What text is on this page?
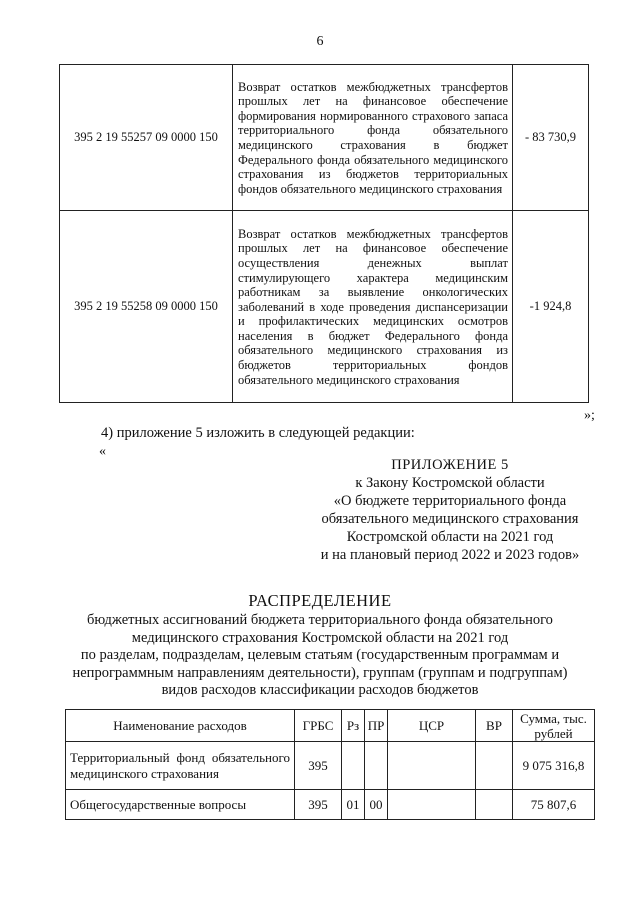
6
395 2 19 55257 09 0000 150	Возврат остатков межбюджетных трансфертов прошлых лет на финансовое обеспечение формирования нормированного страхового запаса территориального фонда обязательного медицинского страхования в бюджет Федерального фонда обязательного медицинского страхования из бюджетов территориальных фондов обязательного медицинского страхования	- 83 730,9
395 2 19 55258 09 0000 150	Возврат остатков межбюджетных трансфертов прошлых лет на финансовое обеспечение осуществления денежных выплат стимулирующего характера медицинским работникам за выявление онкологических заболеваний в ходе проведения диспансеризации и профилактических медицинских осмотров населения в бюджет Федерального фонда обязательного медицинского страхования из бюджетов территориальных фондов обязательного медицинского страхования	-1 924,8
»;
4) приложение 5 изложить в следующей редакции:
«
ПРИЛОЖЕНИЕ 5
к Закону Костромской области
«О бюджете территориального фонда
обязательного медицинского страхования
Костромской области на 2021 год
и на плановый период 2022 и 2023 годов»
РАСПРЕДЕЛЕНИЕ
бюджетных ассигнований бюджета территориального фонда обязательного
медицинского страхования Костромской области на 2021 год
по разделам, подразделам, целевым статьям (государственным программам и
непрограммным направлениям деятельности), группам (группам и подгруппам)
видов расходов классификации расходов бюджетов
Наименование расходов	ГРБС	Рз	ПР	ЦСР	ВР	Сумма, тыс. рублей
Территориальный фонд обязательного медицинского страхования	395					9 075 316,8
Общегосударственные вопросы	395	01	00			75 807,6
